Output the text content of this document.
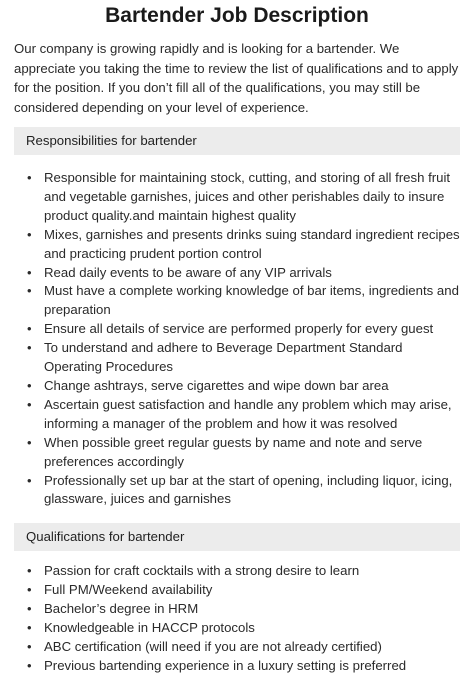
Bartender Job Description

Our company is growing rapidly and is looking for a bartender. We appreciate you taking the time to review the list of qualifications and to apply for the position. If you don’t fill all of the qualifications, you may still be considered depending on your level of experience.

Responsibilities for bartender
• Responsible for maintaining stock, cutting, and storing of all fresh fruit and vegetable garnishes, juices and other perishables daily to insure product quality.and maintain highest quality
• Mixes, garnishes and presents drinks suing standard ingredient recipes and practicing prudent portion control
• Read daily events to be aware of any VIP arrivals
• Must have a complete working knowledge of bar items, ingredients and preparation
• Ensure all details of service are performed properly for every guest
• To understand and adhere to Beverage Department Standard Operating Procedures
• Change ashtrays, serve cigarettes and wipe down bar area
• Ascertain guest satisfaction and handle any problem which may arise, informing a manager of the problem and how it was resolved
• When possible greet regular guests by name and note and serve preferences accordingly
• Professionally set up bar at the start of opening, including liquor, icing, glassware, juices and garnishes
Qualifications for bartender
• Passion for craft cocktails with a strong desire to learn
• Full PM/Weekend availability
• Bachelor’s degree in HRM
• Knowledgeable in HACCP protocols
• ABC certification (will need if you are not already certified)
• Previous bartending experience in a luxury setting is preferred
